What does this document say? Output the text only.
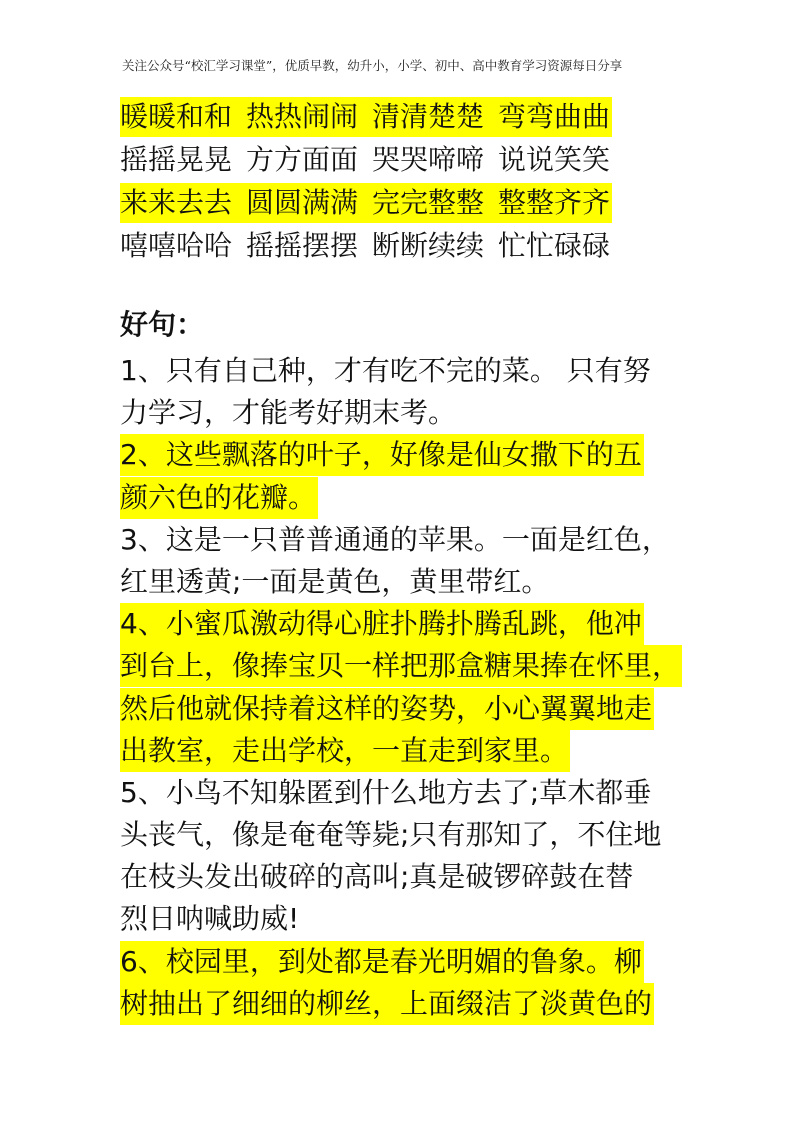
关注公众号“校汇学习课堂”，优质早教，幼升小，小学、初中、高中教育学习资源每日分享
暖暖和和 热热闹闹 清清楚楚 弯弯曲曲
摇摇晃晃 方方面面 哭哭啼啼 说说笑笑
来来去去 圆圆满满 完完整整 整整齐齐
嘻嘻哈哈 摇摇摆摆 断断续续 忙忙碌碌
好句：
1、只有自己种，才有吃不完的菜。 只有努
力学习，才能考好期末考。
2、这些飘落的叶子，好像是仙女撒下的五
颜六色的花瓣。
3、这是一只普普通通的苹果。一面是红色，
红里透黄;一面是黄色，黄里带红。
4、小蜜瓜激动得心脏扑腾扑腾乱跳，他冲
到台上，像捧宝贝一样把那盒糖果捧在怀里，
然后他就保持着这样的姿势，小心翼翼地走
出教室，走出学校，一直走到家里。
5、小鸟不知躲匿到什么地方去了;草木都垂
头丧气，像是奄奄等毙;只有那知了，不住地
在枝头发出破碎的高叫;真是破锣碎鼓在替
烈日呐喊助威!
6、校园里，到处都是春光明媚的鲁象。柳
树抽出了细细的柳丝，上面缀洁了淡黄色的
